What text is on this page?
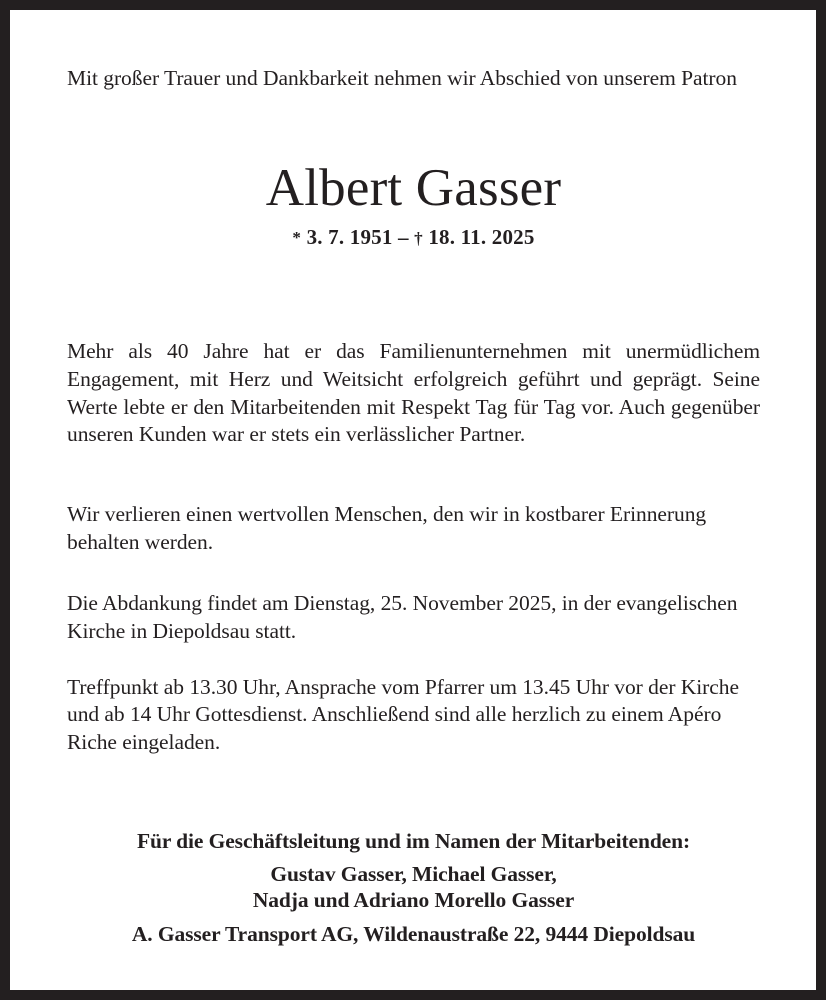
Mit großer Trauer und Dankbarkeit nehmen wir Abschied von unserem Patron
Albert Gasser
* 3. 7. 1951 – † 18. 11. 2025

Mehr als 40 Jahre hat er das Familienunternehmen mit unermüdlichem Engagement, mit Herz und Weitsicht erfolgreich geführt und geprägt. Seine Werte lebte er den Mitarbeitenden mit Respekt Tag für Tag vor. Auch gegenüber unseren Kunden war er stets ein verlässlicher Partner.

Wir verlieren einen wertvollen Menschen, den wir in kostbarer Erinnerung behalten werden.

Die Abdankung findet am Dienstag, 25. November 2025, in der evangelischen Kirche in Diepoldsau statt.

Treffpunkt ab 13.30 Uhr, Ansprache vom Pfarrer um 13.45 Uhr vor der Kirche und ab 14 Uhr Gottesdienst. Anschließend sind alle herzlich zu einem Apéro Riche eingeladen.

Für die Geschäftsleitung und im Namen der Mitarbeitenden:
Gustav Gasser, Michael Gasser,
Nadja und Adriano Morello Gasser
A. Gasser Transport AG, Wildenaustraße 22, 9444 Diepoldsau
